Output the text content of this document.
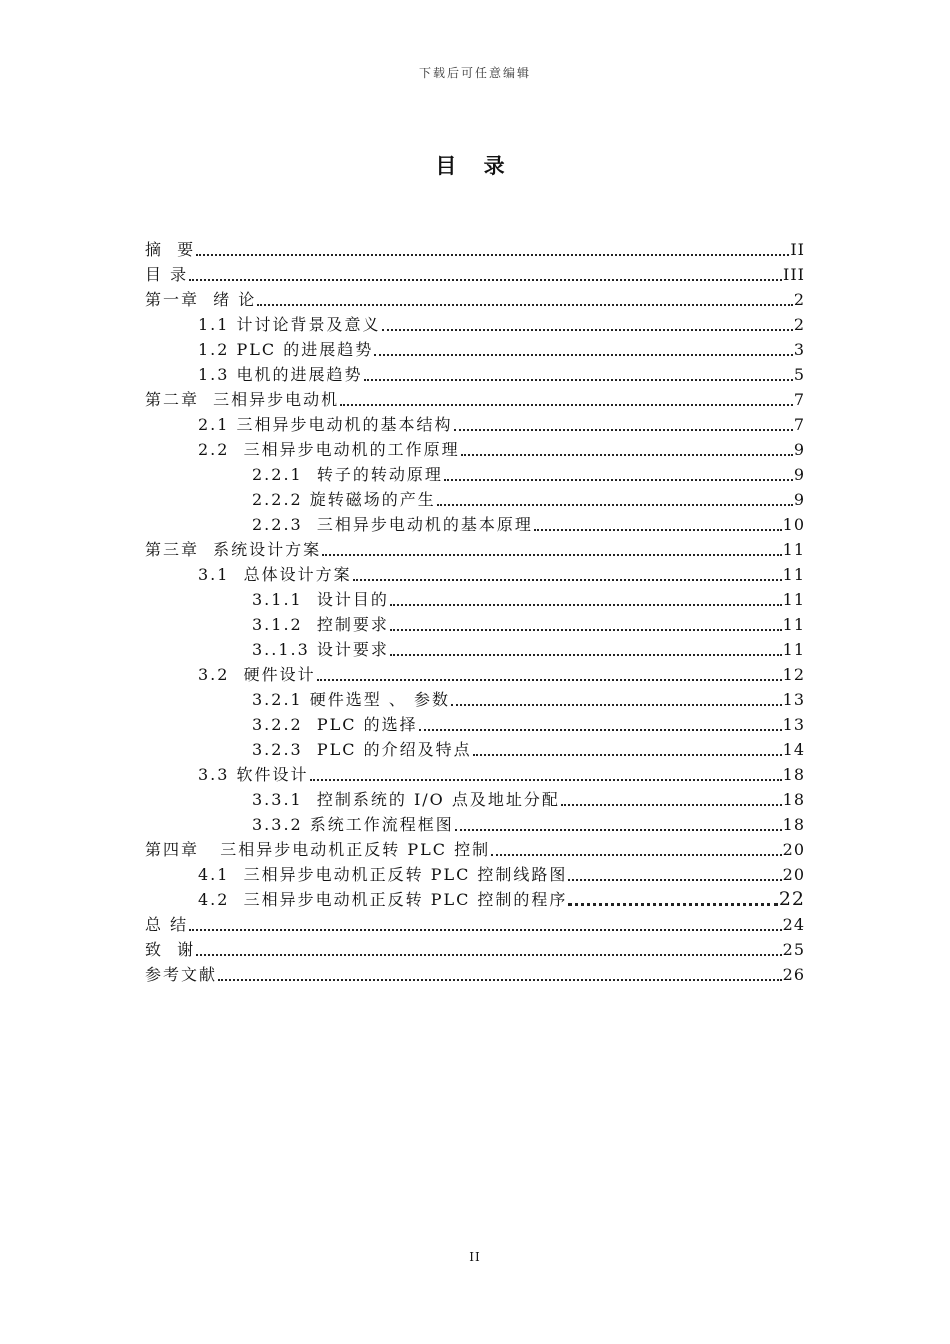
下载后可任意编辑
目 录
摘  要	II
目 录	III
第一章  绪 论	2
1.1 计讨论背景及意义	2
1.2 PLC 的进展趋势	3
1.3 电机的进展趋势	5
第二章  三相异步电动机	7
2.1 三相异步电动机的基本结构	7
2.2  三相异步电动机的工作原理	9
2.2.1  转子的转动原理	9
2.2.2 旋转磁场的产生	9
2.2.3  三相异步电动机的基本原理	10
第三章  系统设计方案	11
3.1  总体设计方案	11
3.1.1  设计目的	11
3.1.2  控制要求	11
3..1.3 设计要求	11
3.2  硬件设计	12
3.2.1 硬件选型 、 参数	13
3.2.2  PLC 的选择	13
3.2.3  PLC 的介绍及特点	14
3.3 软件设计	18
3.3.1  控制系统的 I/O 点及地址分配	18
3.3.2 系统工作流程框图	18
第四章   三相异步电动机正反转 PLC 控制	20
4.1  三相异步电动机正反转 PLC 控制线路图	20
4.2  三相异步电动机正反转 PLC 控制的程序	22
总 结	24
致  谢	25
参考文献	26
II
